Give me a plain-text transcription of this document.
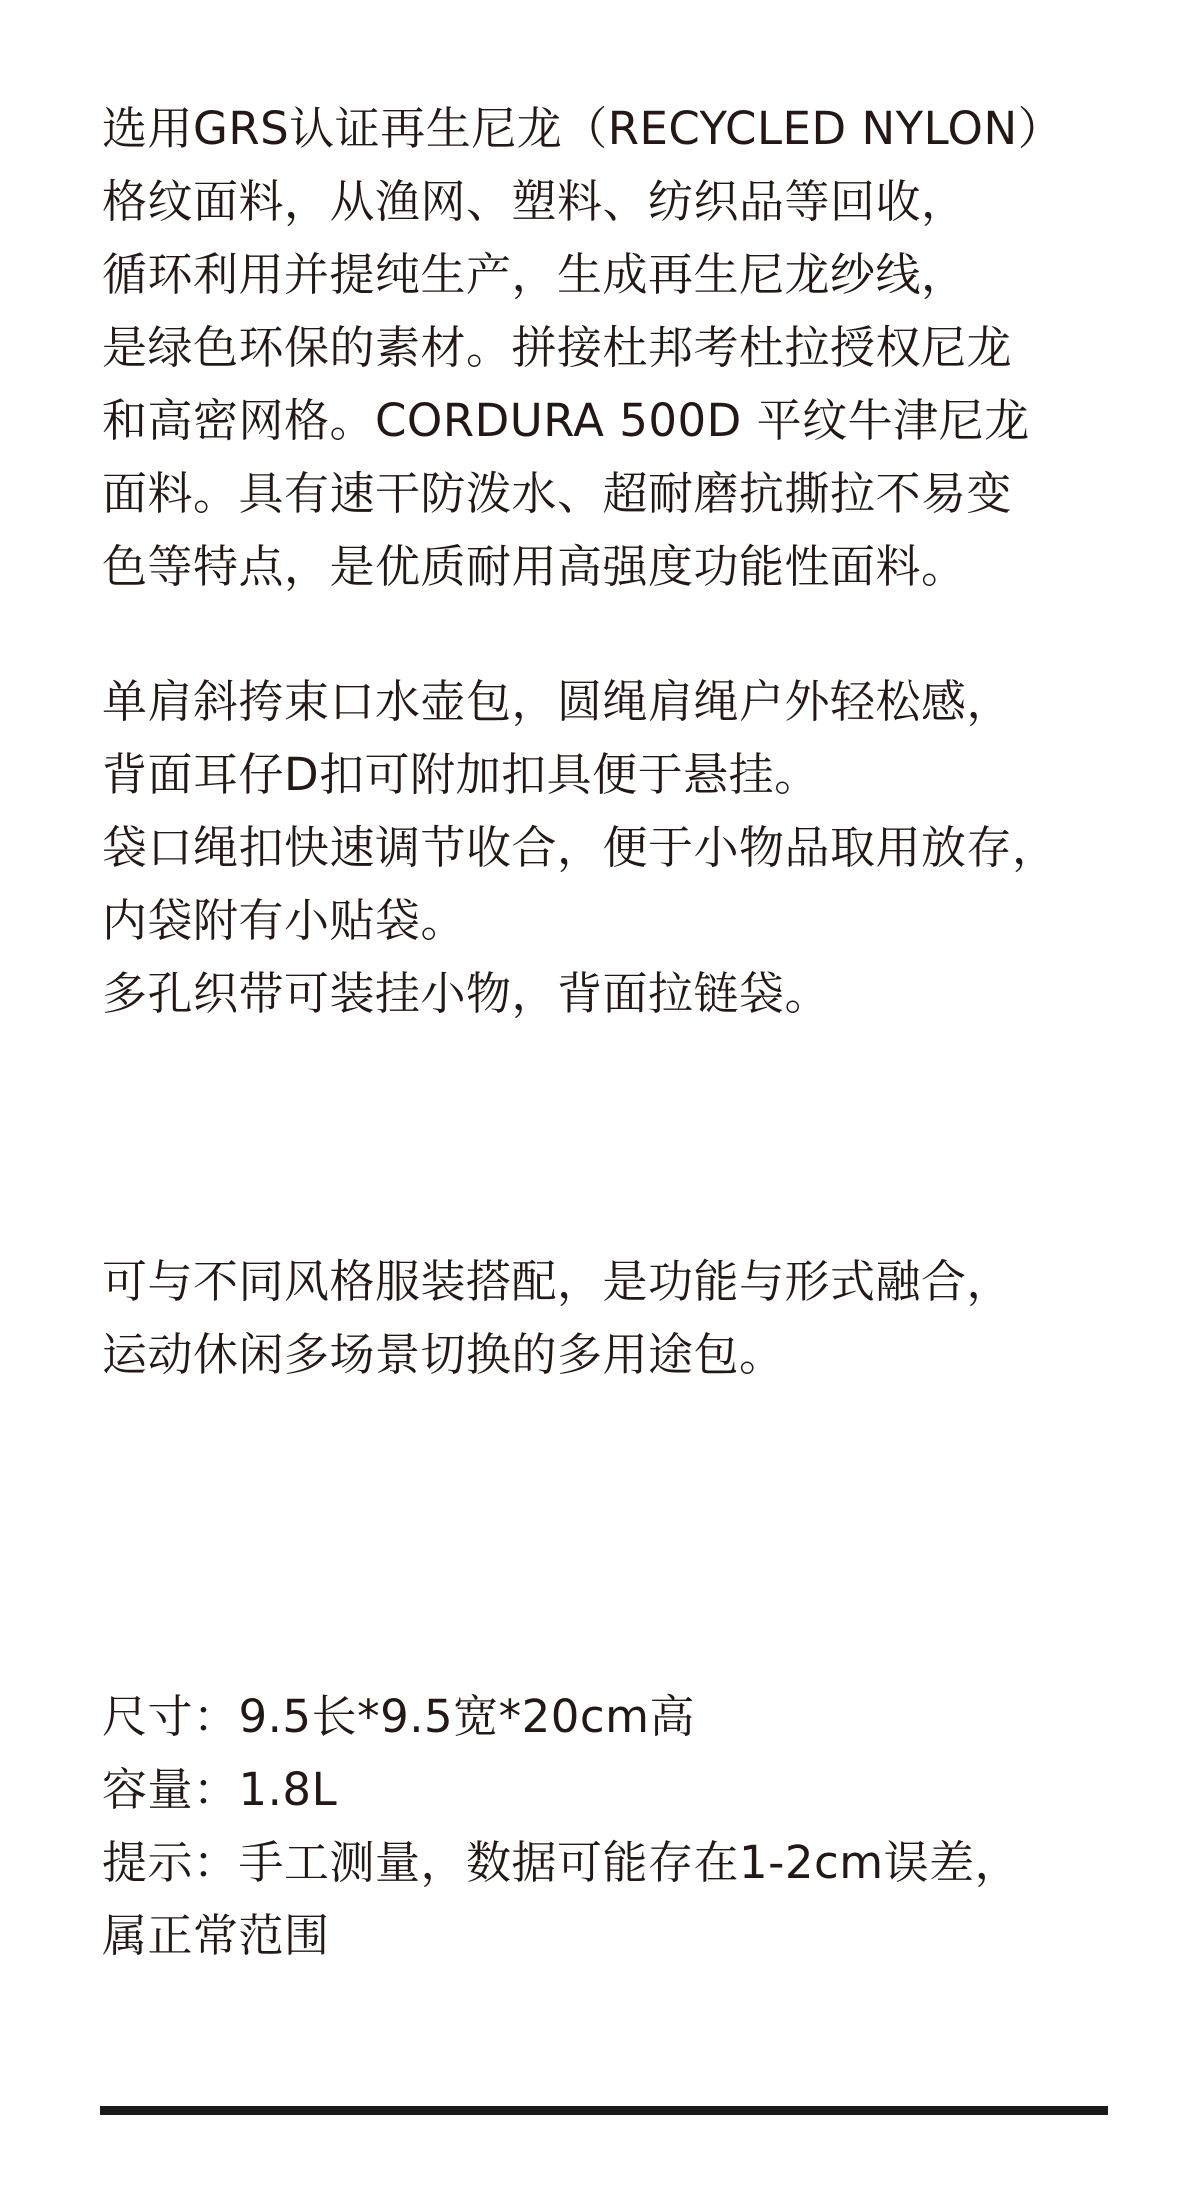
选用GRS认证再生尼龙（RECYCLED NYLON）
格纹面料，从渔网、塑料、纺织品等回收，
循环利用并提纯生产，生成再生尼龙纱线，
是绿色环保的素材。拼接杜邦考杜拉授权尼龙
和高密网格。CORDURA 500D 平纹牛津尼龙
面料。具有速干防泼水、超耐磨抗撕拉不易变
色等特点，是优质耐用高强度功能性面料。
单肩斜挎束口水壶包，圆绳肩绳户外轻松感，
背面耳仔D扣可附加扣具便于悬挂。
袋口绳扣快速调节收合，便于小物品取用放存，
内袋附有小贴袋。
多孔织带可装挂小物，背面拉链袋。
可与不同风格服装搭配，是功能与形式融合，
运动休闲多场景切换的多用途包。
尺寸：9.5长*9.5宽*20cm高
容量：1.8L
提示：手工测量，数据可能存在1-2cm误差，
属正常范围
